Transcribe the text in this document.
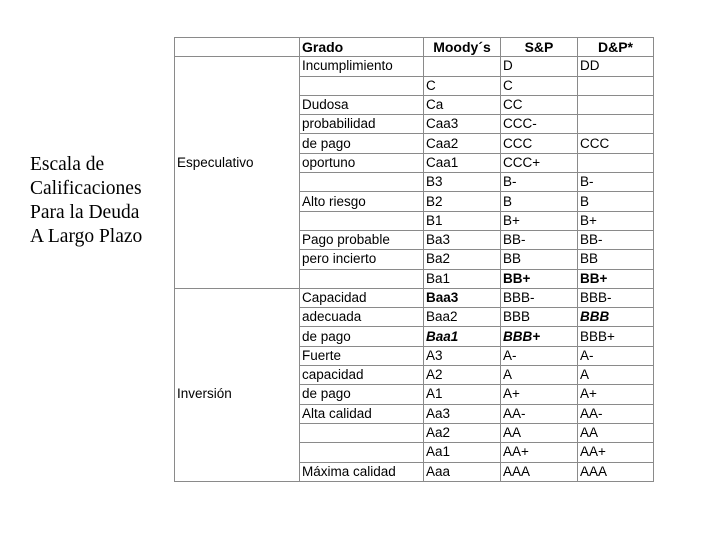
Escala de
Calificaciones
Para la Deuda
A Largo Plazo
	Grado	Moody´s	S&P	D&P*
	Incumplimiento		D	DD
		C	C	
	Dudosa	Ca	CC	
	probabilidad	Caa3	CCC-	
	de pago	Caa2	CCC	CCC
Especulativo	oportuno	Caa1	CCC+	
		B3	B-	B-
	Alto riesgo	B2	B	B
		B1	B+	B+
	Pago probable	Ba3	BB-	BB-
	pero incierto	Ba2	BB	BB
		Ba1	BB+	BB+
	Capacidad	Baa3	BBB-	BBB-
	adecuada	Baa2	BBB	BBB
	de pago	Baa1	BBB+	BBB+
	Fuerte	A3	A-	A-
	capacidad	A2	A	A
Inversión	de pago	A1	A+	A+
	Alta calidad	Aa3	AA-	AA-
		Aa2	AA	AA
		Aa1	AA+	AA+
	Máxima calidad	Aaa	AAA	AAA
